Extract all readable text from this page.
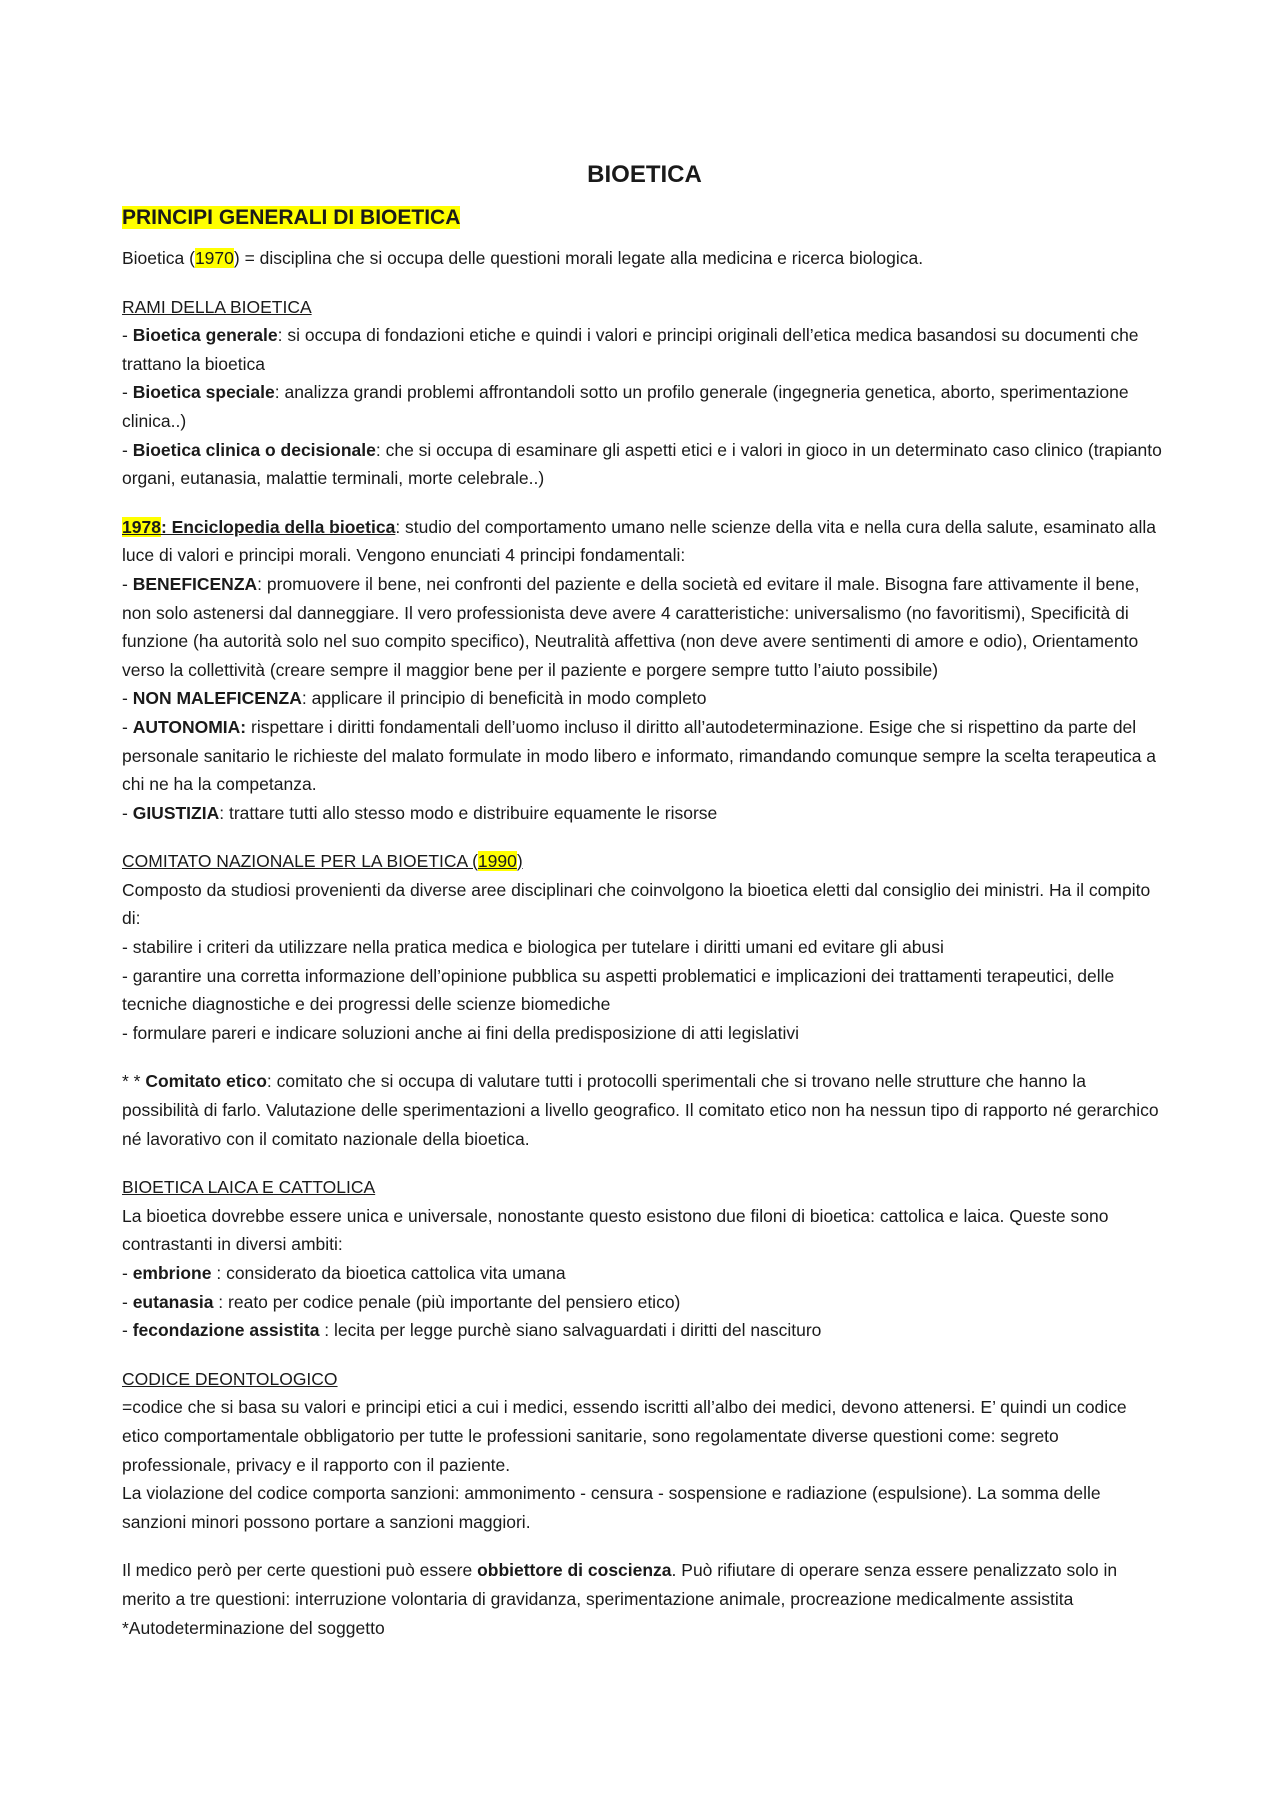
BIOETICA
PRINCIPI GENERALI DI BIOETICA

Bioetica (1970) = disciplina che si occupa delle questioni morali legate alla medicina e ricerca biologica.

RAMI DELLA BIOETICA
- Bioetica generale: si occupa di fondazioni etiche e quindi i valori e principi originali dell’etica medica basandosi su documenti che trattano la bioetica
- Bioetica speciale: analizza grandi problemi affrontandoli sotto un profilo generale (ingegneria genetica, aborto, sperimentazione clinica..)
- Bioetica clinica o decisionale: che si occupa di esaminare gli aspetti etici e i valori in gioco in un determinato caso clinico (trapianto organi, eutanasia, malattie terminali, morte celebrale..)

1978: Enciclopedia della bioetica: studio del comportamento umano nelle scienze della vita e nella cura della salute, esaminato alla luce di valori e principi morali. Vengono enunciati 4 principi fondamentali:
- BENEFICENZA: promuovere il bene, nei confronti del paziente e della società ed evitare il male. Bisogna fare attivamente il bene, non solo astenersi dal danneggiare. Il vero professionista deve avere 4 caratteristiche: universalismo (no favoritismi), Specificità di funzione (ha autorità solo nel suo compito specifico), Neutralità affettiva (non deve avere sentimenti di amore e odio), Orientamento verso la collettività (creare sempre il maggior bene per il paziente e porgere sempre tutto l’aiuto possibile)
- NON MALEFICENZA: applicare il principio di beneficità in modo completo
- AUTONOMIA: rispettare i diritti fondamentali dell’uomo incluso il diritto all’autodeterminazione. Esige che si rispettino da parte del personale sanitario le richieste del malato formulate in modo libero e informato, rimandando comunque sempre la scelta terapeutica a chi ne ha la competanza.
- GIUSTIZIA: trattare tutti allo stesso modo e distribuire equamente le risorse

COMITATO NAZIONALE PER LA BIOETICA (1990)
Composto da studiosi provenienti da diverse aree disciplinari che coinvolgono la bioetica eletti dal consiglio dei ministri. Ha il compito di:
- stabilire i criteri da utilizzare nella pratica medica e biologica per tutelare i diritti umani ed evitare gli abusi
- garantire una corretta informazione dell’opinione pubblica su aspetti problematici e implicazioni dei trattamenti terapeutici, delle tecniche diagnostiche e dei progressi delle scienze biomediche
- formulare pareri e indicare soluzioni anche ai fini della predisposizione di atti legislativi

* * Comitato etico: comitato che si occupa di valutare tutti i protocolli sperimentali che si trovano nelle strutture che hanno la possibilità di farlo. Valutazione delle sperimentazioni a livello geografico. Il comitato etico non ha nessun tipo di rapporto né gerarchico né lavorativo con il comitato nazionale della bioetica.

BIOETICA LAICA E CATTOLICA
La bioetica dovrebbe essere unica e universale, nonostante questo esistono due filoni di bioetica: cattolica e laica. Queste sono contrastanti in diversi ambiti:
- embrione : considerato da bioetica cattolica vita umana
- eutanasia : reato per codice penale (più importante del pensiero etico)
- fecondazione assistita : lecita per legge purchè siano salvaguardati i diritti del nascituro

CODICE DEONTOLOGICO
=codice che si basa su valori e principi etici a cui i medici, essendo iscritti all’albo dei medici, devono attenersi. E’ quindi un codice etico comportamentale obbligatorio per tutte le professioni sanitarie, sono regolamentate diverse questioni come: segreto professionale, privacy e il rapporto con il paziente.
La violazione del codice comporta sanzioni: ammonimento - censura - sospensione e radiazione (espulsione). La somma delle sanzioni minori possono portare a sanzioni maggiori.

Il medico però per certe questioni può essere obbiettore di coscienza. Può rifiutare di operare senza essere penalizzato solo in merito a tre questioni: interruzione volontaria di gravidanza, sperimentazione animale, procreazione medicalmente assistita
*Autodeterminazione del soggetto
